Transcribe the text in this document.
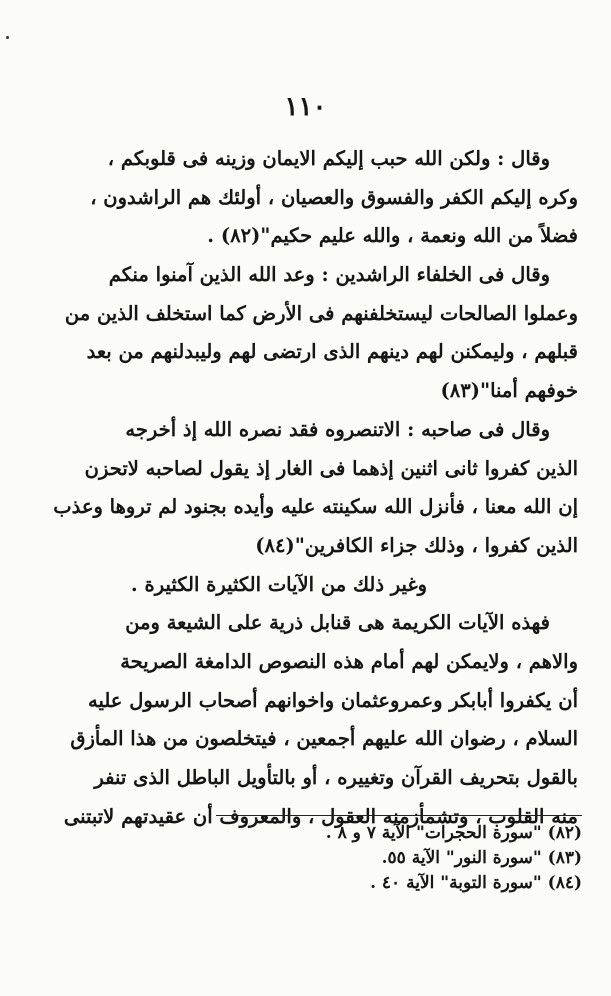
١١٠
وقال : ولكن الله حبب إليكم الايمان وزينه فى قلوبكم ،
وكره إليكم الكفر والفسوق والعصيان ، أولئك هم الراشدون ،
فضلاً من الله ونعمة ، والله عليم حكيم"(٨٢) .
وقال فى الخلفاء الراشدين : وعد الله الذين آمنوا منكم
وعملوا الصالحات ليستخلفنهم فى الأرض كما استخلف الذين من
قبلهم ، وليمكنن لهم دينهم الذى ارتضى لهم وليبدلنهم من بعد
خوفهم أمنا"(٨٣)
وقال فى صاحبه : الاتنصروه فقد نصره الله إذ أخرجه
الذين كفروا ثانى اثنين إذهما فى الغار إذ يقول لصاحبه لاتحزن
إن الله معنا ، فأنزل الله سكينته عليه وأيده بجنود لم تروها وعذب
الذين كفروا ، وذلك جزاء الكافرين"(٨٤)
وغير ذلك من الآيات الكثيرة الكثيرة .
فهذه الآيات الكريمة هى قنابل ذرية على الشيعة ومن
والاهم ، ولايمكن لهم أمام هذه النصوص الدامغة الصريحة
أن يكفروا أبابكر وعمروعثمان واخوانهم أصحاب الرسول عليه
السلام ، رضوان الله عليهم أجمعين ، فيتخلصون من هذا المأزق
بالقول بتحريف القرآن وتغييره ، أو بالتأويل الباطل الذى تنفر
منه القلوب ، وتشمأزمنه العقول ، والمعروف أن عقيدتهم لاتبتنى
(٨٢) "سورة الحجرات" الآية ٧ و ٨ .
(٨٣) "سورة النور" الآية ٥٥.
(٨٤) "سورة التوبة" الآية ٤٠ .
